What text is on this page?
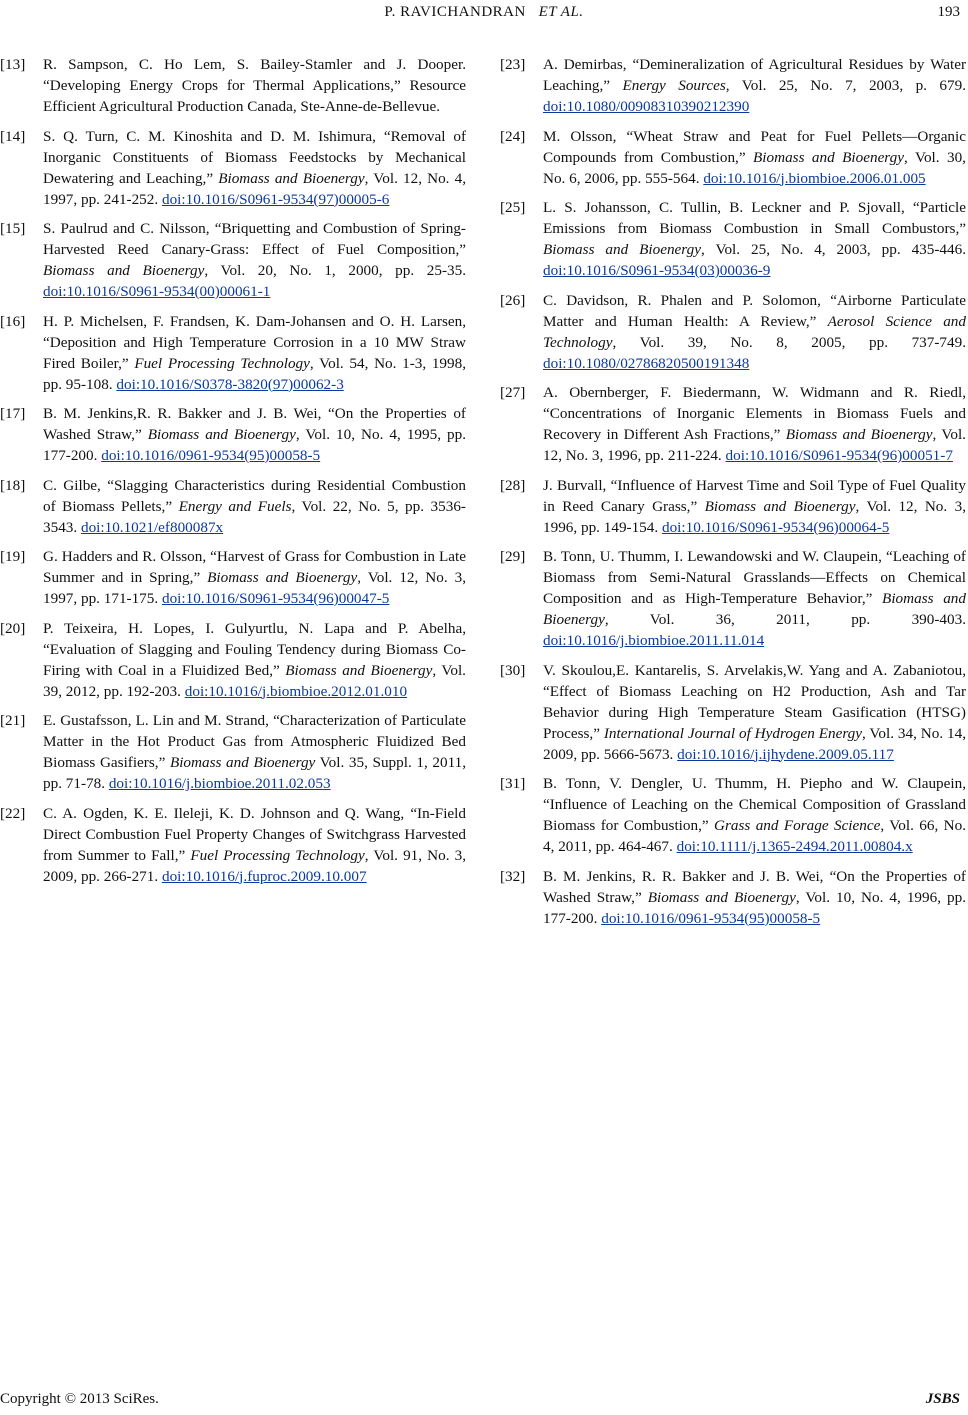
P. RAVICHANDRAN ET AL.	193
[13] R. Sampson, C. Ho Lem, S. Bailey-Stamler and J. Dooper. “Developing Energy Crops for Thermal Applications,” Resource Efficient Agricultural Production Canada, Ste-Anne-de-Bellevue.
[14] S. Q. Turn, C. M. Kinoshita and D. M. Ishimura, “Removal of Inorganic Constituents of Biomass Feedstocks by Mechanical Dewatering and Leaching,” Biomass and Bioenergy, Vol. 12, No. 4, 1997, pp. 241-252. doi:10.1016/S0961-9534(97)00005-6
[15] S. Paulrud and C. Nilsson, “Briquetting and Combustion of Spring-Harvested Reed Canary-Grass: Effect of Fuel Composition,” Biomass and Bioenergy, Vol. 20, No. 1, 2000, pp. 25-35. doi:10.1016/S0961-9534(00)00061-1
[16] H. P. Michelsen, F. Frandsen, K. Dam-Johansen and O. H. Larsen, “Deposition and High Temperature Corrosion in a 10 MW Straw Fired Boiler,” Fuel Processing Technology, Vol. 54, No. 1-3, 1998, pp. 95-108. doi:10.1016/S0378-3820(97)00062-3
[17] B. M. Jenkins,R. R. Bakker and J. B. Wei, “On the Properties of Washed Straw,” Biomass and Bioenergy, Vol. 10, No. 4, 1995, pp. 177-200. doi:10.1016/0961-9534(95)00058-5
[18] C. Gilbe, “Slagging Characteristics during Residential Combustion of Biomass Pellets,” Energy and Fuels, Vol. 22, No. 5, pp. 3536-3543. doi:10.1021/ef800087x
[19] G. Hadders and R. Olsson, “Harvest of Grass for Combustion in Late Summer and in Spring,” Biomass and Bioenergy, Vol. 12, No. 3, 1997, pp. 171-175. doi:10.1016/S0961-9534(96)00047-5
[20] P. Teixeira, H. Lopes, I. Gulyurtlu, N. Lapa and P. Abelha, “Evaluation of Slagging and Fouling Tendency during Biomass Co-Firing with Coal in a Fluidized Bed,” Biomass and Bioenergy, Vol. 39, 2012, pp. 192-203. doi:10.1016/j.biombioe.2012.01.010
[21] E. Gustafsson, L. Lin and M. Strand, “Characterization of Particulate Matter in the Hot Product Gas from Atmospheric Fluidized Bed Biomass Gasifiers,” Biomass and Bioenergy Vol. 35, Suppl. 1, 2011, pp. 71-78. doi:10.1016/j.biombioe.2011.02.053
[22] C. A. Ogden, K. E. Ileleji, K. D. Johnson and Q. Wang, “In-Field Direct Combustion Fuel Property Changes of Switchgrass Harvested from Summer to Fall,” Fuel Processing Technology, Vol. 91, No. 3, 2009, pp. 266-271. doi:10.1016/j.fuproc.2009.10.007
[23] A. Demirbas, “Demineralization of Agricultural Residues by Water Leaching,” Energy Sources, Vol. 25, No. 7, 2003, p. 679. doi:10.1080/00908310390212390
[24] M. Olsson, “Wheat Straw and Peat for Fuel Pellets—Organic Compounds from Combustion,” Biomass and Bioenergy, Vol. 30, No. 6, 2006, pp. 555-564. doi:10.1016/j.biombioe.2006.01.005
[25] L. S. Johansson, C. Tullin, B. Leckner and P. Sjovall, “Particle Emissions from Biomass Combustion in Small Combustors,” Biomass and Bioenergy, Vol. 25, No. 4, 2003, pp. 435-446. doi:10.1016/S0961-9534(03)00036-9
[26] C. Davidson, R. Phalen and P. Solomon, “Airborne Particulate Matter and Human Health: A Review,” Aerosol Science and Technology, Vol. 39, No. 8, 2005, pp. 737-749. doi:10.1080/02786820500191348
[27] A. Obernberger, F. Biedermann, W. Widmann and R. Riedl, “Concentrations of Inorganic Elements in Biomass Fuels and Recovery in Different Ash Fractions,” Biomass and Bioenergy, Vol. 12, No. 3, 1996, pp. 211-224. doi:10.1016/S0961-9534(96)00051-7
[28] J. Burvall, “Influence of Harvest Time and Soil Type of Fuel Quality in Reed Canary Grass,” Biomass and Bioenergy, Vol. 12, No. 3, 1996, pp. 149-154. doi:10.1016/S0961-9534(96)00064-5
[29] B. Tonn, U. Thumm, I. Lewandowski and W. Claupein, “Leaching of Biomass from Semi-Natural Grasslands—Effects on Chemical Composition and as High-Temperature Behavior,” Biomass and Bioenergy, Vol. 36, 2011, pp. 390-403. doi:10.1016/j.biombioe.2011.11.014
[30] V. Skoulou,E. Kantarelis, S. Arvelakis,W. Yang and A. Zabaniotou, “Effect of Biomass Leaching on H2 Production, Ash and Tar Behavior during High Temperature Steam Gasification (HTSG) Process,” International Journal of Hydrogen Energy, Vol. 34, No. 14, 2009, pp. 5666-5673. doi:10.1016/j.ijhydene.2009.05.117
[31] B. Tonn, V. Dengler, U. Thumm, H. Piepho and W. Claupein, “Influence of Leaching on the Chemical Composition of Grassland Biomass for Combustion,” Grass and Forage Science, Vol. 66, No. 4, 2011, pp. 464-467. doi:10.1111/j.1365-2494.2011.00804.x
[32] B. M. Jenkins, R. R. Bakker and J. B. Wei, “On the Properties of Washed Straw,” Biomass and Bioenergy, Vol. 10, No. 4, 1996, pp. 177-200. doi:10.1016/0961-9534(95)00058-5
Copyright © 2013 SciRes.	JSBS
